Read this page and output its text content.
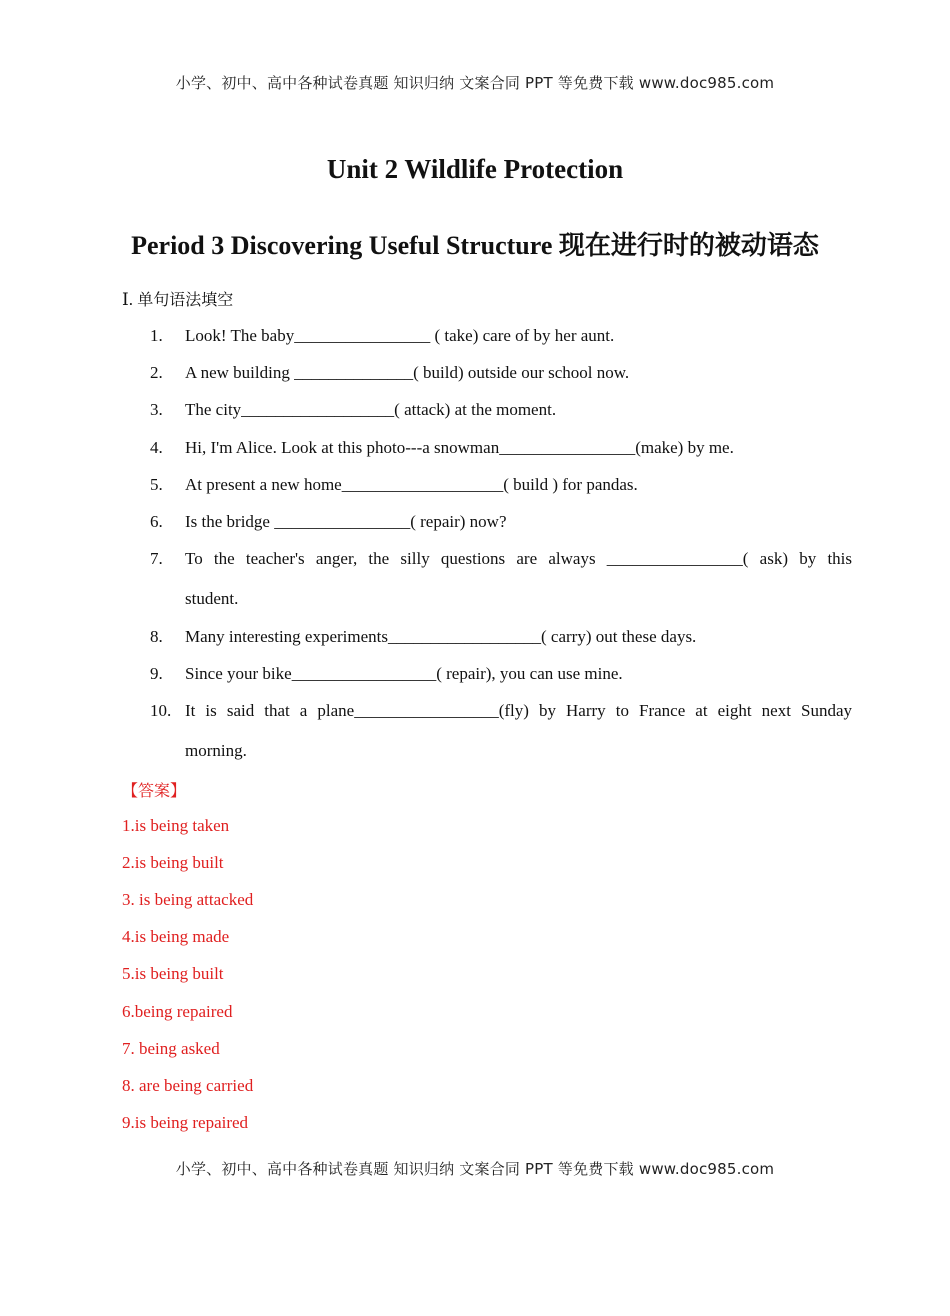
小学、初中、高中各种试卷真题 知识归纳 文案合同 PPT 等免费下载 www.doc985.com
Unit 2 Wildlife Protection
Period 3 Discovering Useful Structure 现在进行时的被动语态
Ⅰ. 单句语法填空
1.	Look! The baby________________ ( take) care of by her aunt.
2.	A new building ______________( build) outside our school now.
3.	The city__________________( attack) at the moment.
4.	Hi, I'm Alice. Look at this photo---a snowman________________(make) by me.
5.	At present a new home___________________( build ) for pandas.
6.	Is the bridge ________________( repair) now?
7.	To the teacher's anger, the silly questions are always ________________( ask) by this
student.
8.	Many interesting experiments__________________( carry) out these days.
9.	Since your bike_________________( repair), you can use mine.
10. It is said that a plane_________________(fly) by Harry to France at eight next Sunday
morning.
【答案】
1.is being taken
2.is being built
3. is being attacked
4.is being made
5.is being built
6.being repaired
7. being asked
8. are being carried
9.is being repaired
小学、初中、高中各种试卷真题 知识归纳 文案合同 PPT 等免费下载 www.doc985.com
